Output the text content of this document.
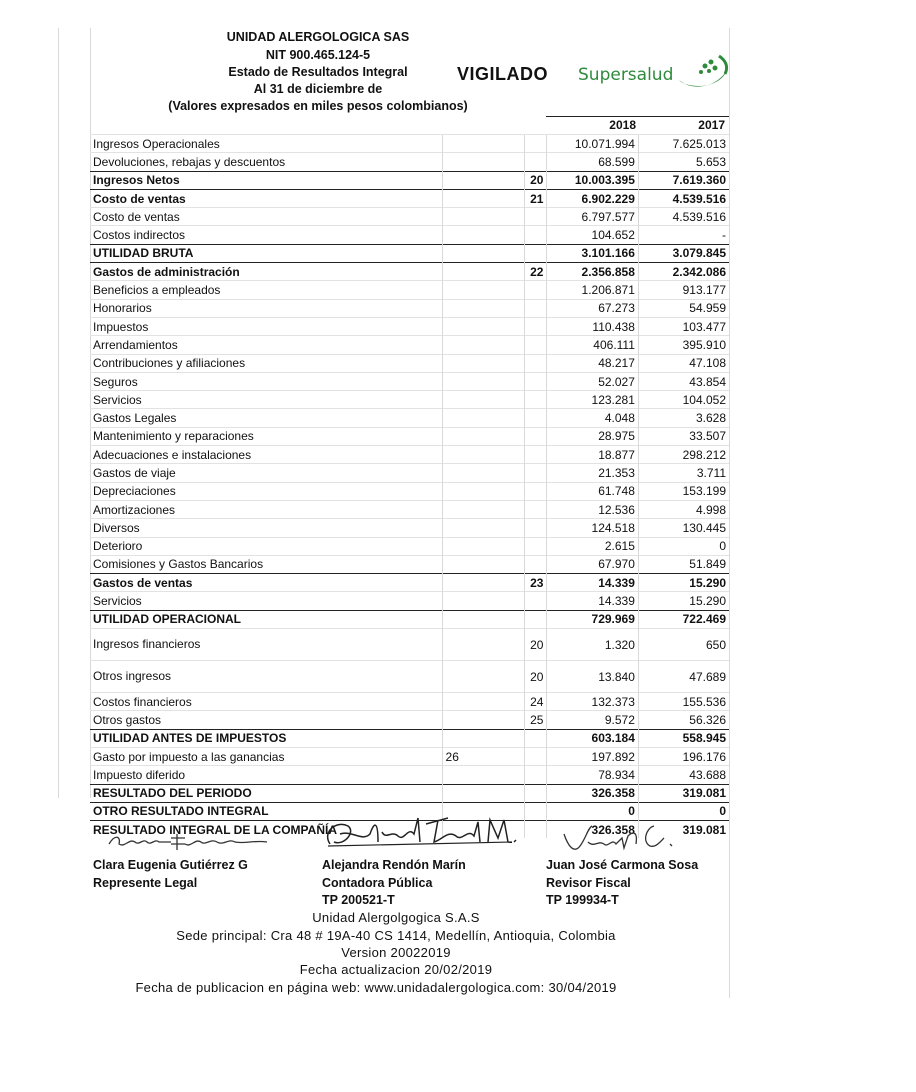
UNIDAD ALERGOLOGICA SAS
NIT 900.465.124-5
Estado de Resultados Integral
Al 31 de diciembre de
(Valores expresados en miles pesos colombianos)
VIGILADO Supersalud
2018	2017
Ingresos Operacionales			10.071.994	7.625.013
Devoluciones, rebajas y descuentos			68.599	5.653
Ingresos Netos		20	10.003.395	7.619.360
Costo de ventas		21	6.902.229	4.539.516
Costo de ventas			6.797.577	4.539.516
Costos indirectos			104.652	-
UTILIDAD BRUTA			3.101.166	3.079.845
Gastos de administración		22	2.356.858	2.342.086
Beneficios a empleados			1.206.871	913.177
Honorarios			67.273	54.959
Impuestos			110.438	103.477
Arrendamientos			406.111	395.910
Contribuciones y afiliaciones			48.217	47.108
Seguros			52.027	43.854
Servicios			123.281	104.052
Gastos Legales			4.048	3.628
Mantenimiento y reparaciones			28.975	33.507
Adecuaciones e instalaciones			18.877	298.212
Gastos de viaje			21.353	3.711
Depreciaciones			61.748	153.199
Amortizaciones			12.536	4.998
Diversos			124.518	130.445
Deterioro			2.615	0
Comisiones y Gastos Bancarios			67.970	51.849
Gastos de ventas		23	14.339	15.290
Servicios			14.339	15.290
UTILIDAD OPERACIONAL			729.969	722.469
Ingresos financieros		20	1.320	650
Otros ingresos		20	13.840	47.689
Costos financieros		24	132.373	155.536
Otros gastos		25	9.572	56.326
UTILIDAD ANTES DE IMPUESTOS			603.184	558.945
Gasto por impuesto a las ganancias	26		197.892	196.176
Impuesto diferido			78.934	43.688
RESULTADO DEL PERIODO			326.358	319.081
OTRO RESULTADO INTEGRAL			0	0
RESULTADO INTEGRAL DE LA COMPAÑÍA			326.358	319.081
Clara Eugenia Gutiérrez G
Represente Legal
Alejandra Rendón Marín
Contadora Pública
TP 200521-T
Juan José Carmona Sosa
Revisor Fiscal
TP 199934-T
Unidad Alergolgogica S.A.S
Sede principal: Cra 48 # 19A-40 CS 1414, Medellín, Antioquia, Colombia
Version 20022019
Fecha actualizacion 20/02/2019
Fecha de publicacion en página web: www.unidadalergologica.com: 30/04/2019
